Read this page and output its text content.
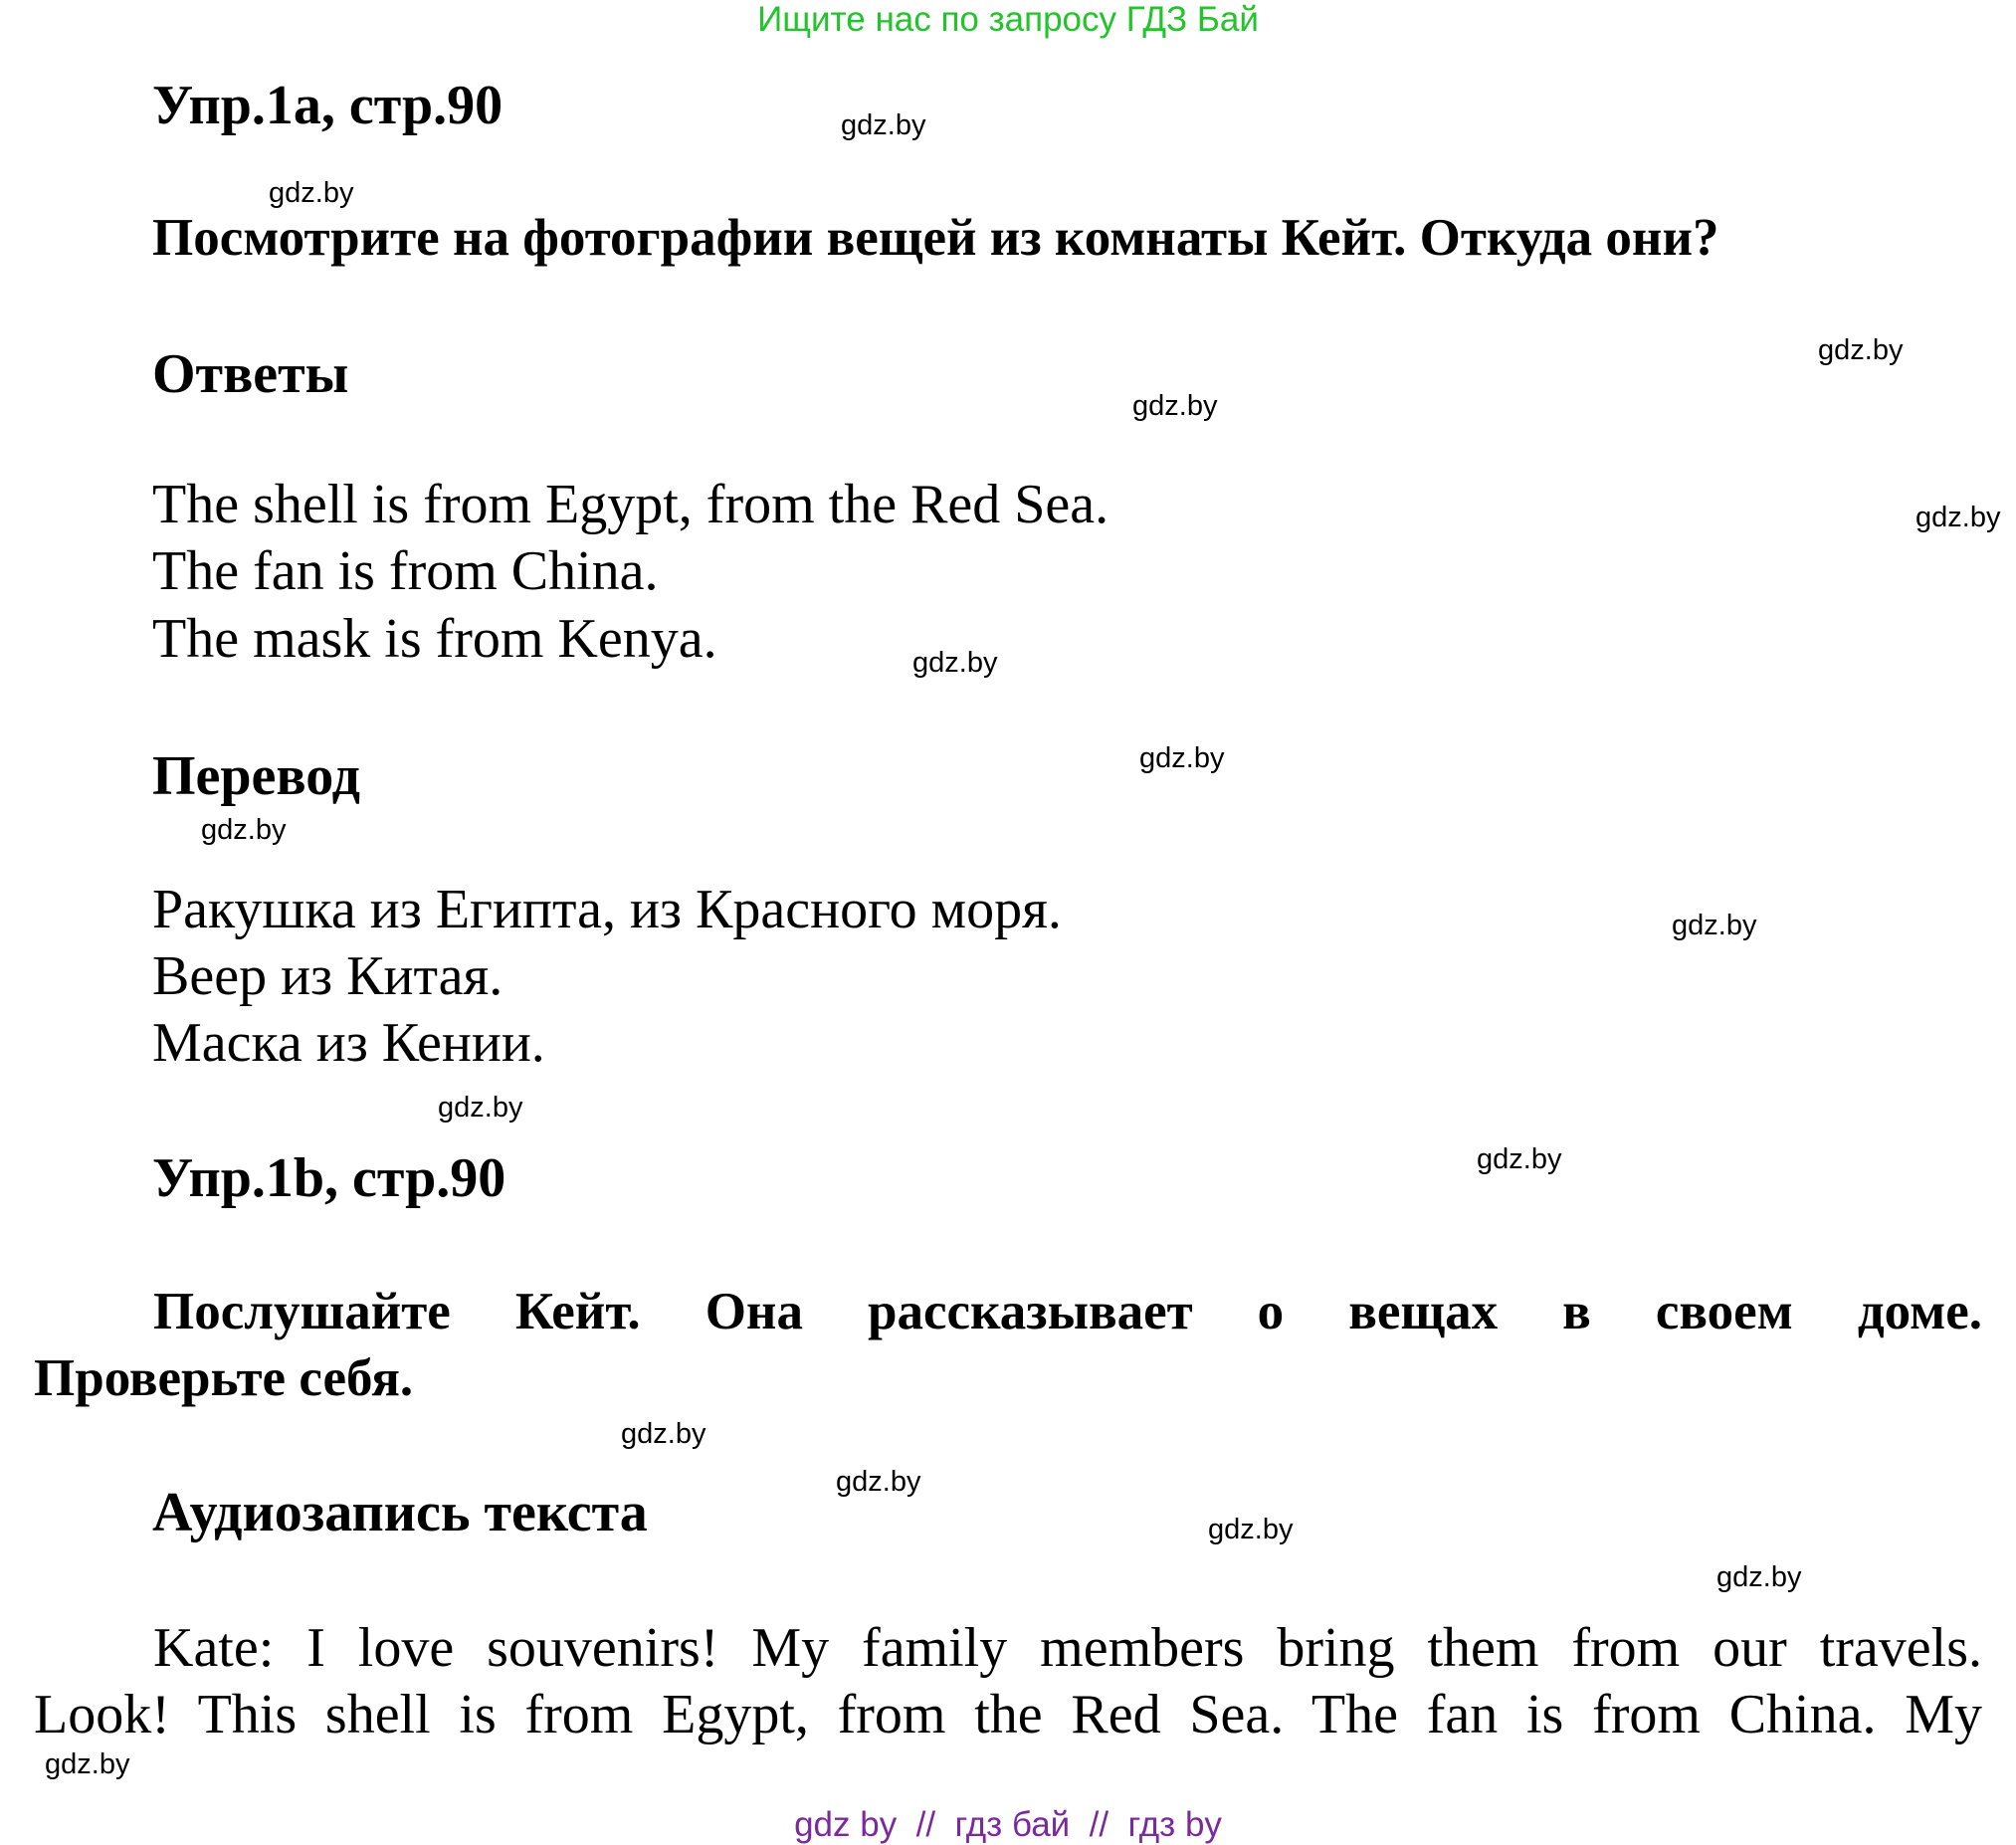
Ищите нас по запросу ГДЗ Бай
Упр.1a, стр.90
Посмотрите на фотографии вещей из комнаты Кейт. Откуда они?
Ответы
The shell is from Egypt, from the Red Sea.
The fan is from China.
The mask is from Kenya.
Перевод
Ракушка из Египта, из Красного моря.
Веер из Китая.
Маска из Кении.
Упр.1b, стр.90
Послушайте Кейт. Она рассказывает о вещах в своем доме.
Проверьте себя.
Аудиозапись текста
Kate: I love souvenirs! My family members bring them from our travels.
Look! This shell is from Egypt, from the Red Sea. The fan is from China. My
gdz.by
gdz.by
gdz.by
gdz.by
gdz.by
gdz.by
gdz.by
gdz.by
gdz.by
gdz.by
gdz.by
gdz.by
gdz.by
gdz.by
gdz.by
gdz.by
gdz by  //  гдз бай  //  гдз by
